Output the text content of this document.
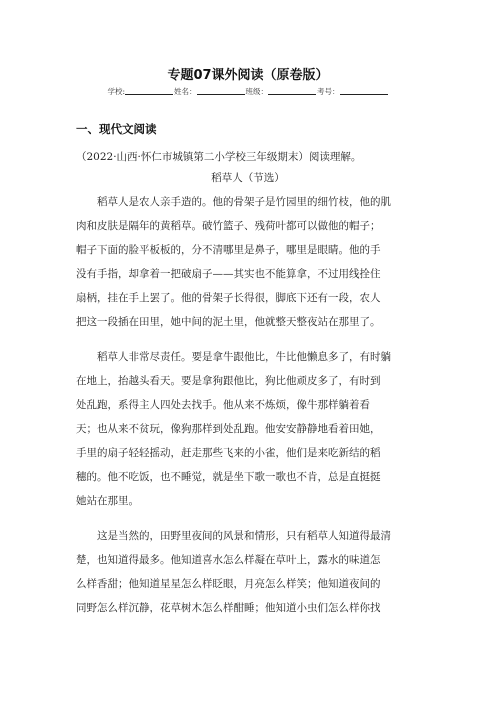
专题07课外阅读（原卷版）
学校:	姓名：	班级：	考号：
一、现代文阅读
（2022·山西·怀仁市城镇第二小学校三年级期末）阅读理解。
稻草人（节选）
　　稻草人是农人亲手造的。他的骨架子是竹园里的细竹枝，他的肌
肉和皮肤是隔年的黄稻草。破竹篮子、残荷叶都可以做他的帽子；
帽子下面的脸平板板的，分不清哪里是鼻子，哪里是眼睛。他的手
没有手指，却拿着一把破扇子——其实也不能算拿，不过用线拴住
扇柄，挂在手上罢了。他的骨架子长得很，脚底下还有一段，农人
把这一段插在田里，她中间的泥土里，他就整天整夜站在那里了。
　　稻草人非常尽责任。要是拿牛跟他比，牛比他懒息多了，有时躺
在地上，抬越头看天。要是拿狗跟他比，狗比他顽皮多了，有时到
处乱跑，系得主人四处去找手。他从来不炼烦，像牛那样躺着看
天；也从来不贫玩，像狗那样到处乱跑。他安安静静地看着田她，
手里的扇子轻轻摇动，赶走那些飞来的小雀，他们是来吃新结的稻
穗的。他不吃饭，也不睡觉，就是坐下歌一歌也不肯，总是直挺挺
她站在那里。
　　这是当然的，田野里夜间的风景和情形，只有稻草人知道得最清
楚，也知道得最多。他知道喜水怎么样凝在草叶上，露水的味道怎
么样香甜；他知道星星怎么样眨眼，月亮怎么样笑；他知道夜间的
同野怎么样沉静，花草树木怎么样酣睡；他知道小虫们怎么样你找
